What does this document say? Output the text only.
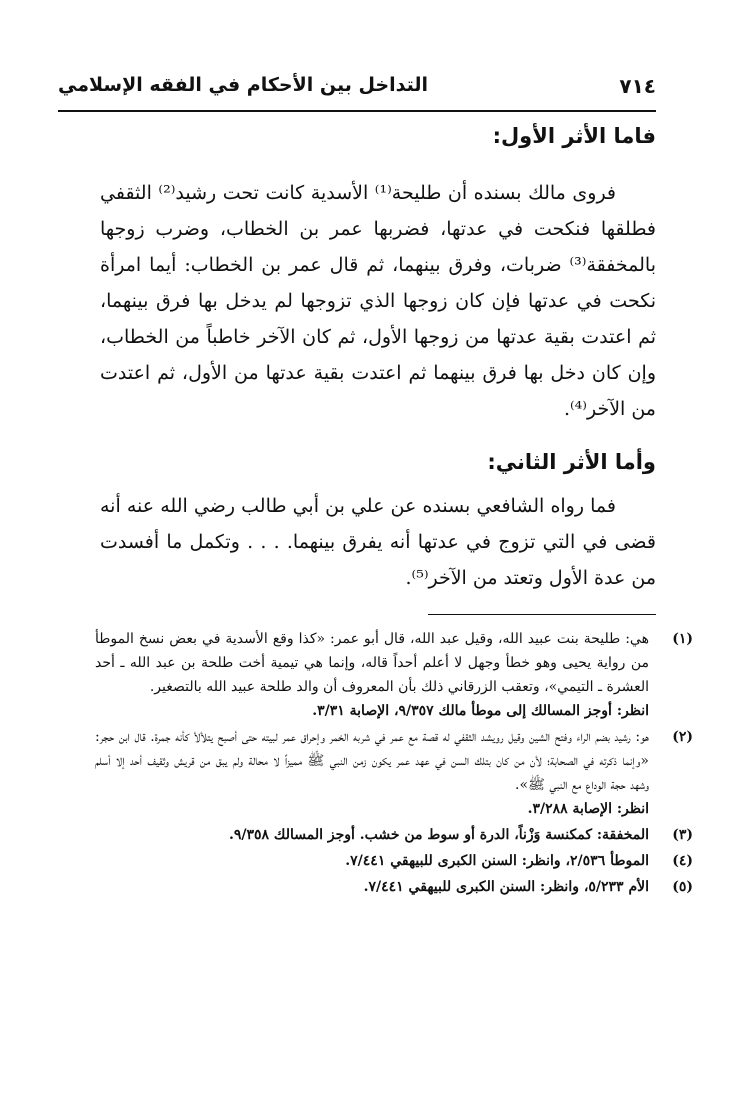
٧١٤
التداخل بين الأحكام في الفقه الإسلامي
فاما الأثر الأول:

فروى مالك بسنده أن طليحة⁽¹⁾ الأسدية كانت تحت رشيد⁽²⁾ الثقفي فطلقها فنكحت في عدتها، فضربها عمر بن الخطاب، وضرب زوجها بالمخفقة⁽³⁾ ضربات، وفرق بينهما، ثم قال عمر بن الخطاب: أيما امرأة نكحت في عدتها فإن كان زوجها الذي تزوجها لم يدخل بها فرق بينهما، ثم اعتدت بقية عدتها من زوجها الأول، ثم كان الآخر خاطباً من الخطاب، وإن كان دخل بها فرق بينهما ثم اعتدت بقية عدتها من الأول، ثم اعتدت من الآخر⁽⁴⁾.

وأما الأثر الثاني:

فما رواه الشافعي بسنده عن علي بن أبي طالب رضي الله عنه أنه قضى في التي تزوج في عدتها أنه يفرق بينهما. . . . وتكمل ما أفسدت من عدة الأول وتعتد من الآخر⁽⁵⁾.

(١)
هي: طليحة بنت عبيد الله، وقيل عبد الله، قال أبو عمر: «كذا وقع الأسدية في بعض نسخ الموطأ من رواية يحيى وهو خطأ وجهل لا أعلم أحداً قاله، وإنما هي تيمية أخت طلحة بن عبد الله ـ أحد العشرة ـ التيمي»، وتعقب الزرقاني ذلك بأن المعروف أن والد طلحة عبيد الله بالتصغير.
انظر: أوجز المسالك إلى موطأ مالك ٩/٣٥٧، الإصابة ٣/٣١.
(٢)
هو: رشيد بضم الراء وفتح الشين وقيل رويشد الثقفي له قصة مع عمر في شربه الخمر وإحراق عمر لبيته حتى أصبح يتلألأ كأنه جمرة. قال ابن حجر: «وإنما ذكرته في الصحابة؛ لأن من كان بتلك السن في عهد عمر يكون زمن النبي ﷺ مميزاً لا محالة ولم يبق من قريش وثقيف أحد إلا أسلم وشهد حجة الوداع مع النبي ﷺ».
انظر: الإصابة ٣/٢٨٨.
(٣)
المخفقة: كمكنسة وَزْناً، الدرة أو سوط من خشب. أوجز المسالك ٩/٣٥٨.
(٤)
الموطأ ٢/٥٣٦، وانظر: السنن الكبرى للبيهقي ٧/٤٤١.
(٥)
الأم ٥/٢٣٣، وانظر: السنن الكبرى للبيهقي ٧/٤٤١.
